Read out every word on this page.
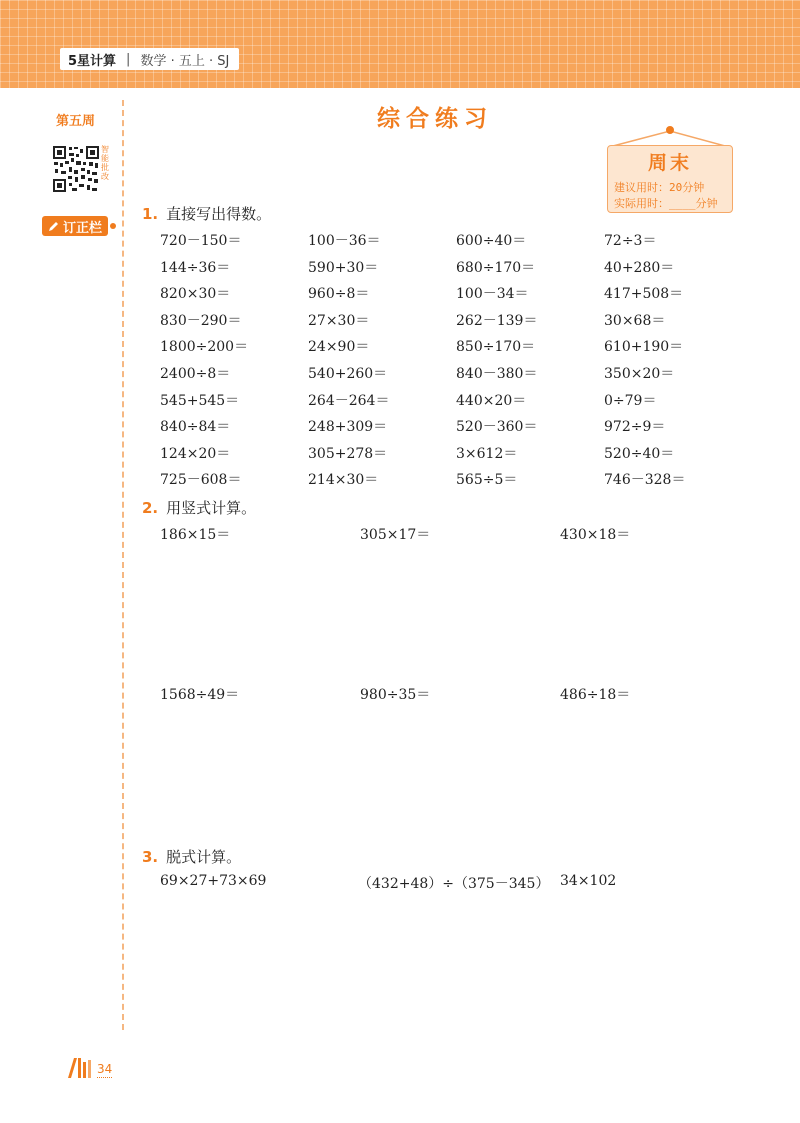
5星计算 | 数学 · 五上 · SJ
第五周
智能批改
订正栏
综合练习
周末
建议用时：20分钟
实际用时：____分钟
1. 直接写出得数。
720－150＝	100－36＝	600÷40＝	72÷3＝
144÷36＝	590+30＝	680÷170＝	40+280＝
820×30＝	960÷8＝	100－34＝	417+508＝
830－290＝	27×30＝	262－139＝	30×68＝
1800÷200＝	24×90＝	850÷170＝	610+190＝
2400÷8＝	540+260＝	840－380＝	350×20＝
545+545＝	264－264＝	440×20＝	0÷79＝
840÷84＝	248+309＝	520－360＝	972÷9＝
124×20＝	305+278＝	3×612＝	520÷40＝
725－608＝	214×30＝	565÷5＝	746－328＝
2. 用竖式计算。
186×15＝	305×17＝	430×18＝
1568÷49＝	980÷35＝	486÷18＝
3. 脱式计算。
69×27+73×69	（432+48）÷（375－345） 34×102
34
